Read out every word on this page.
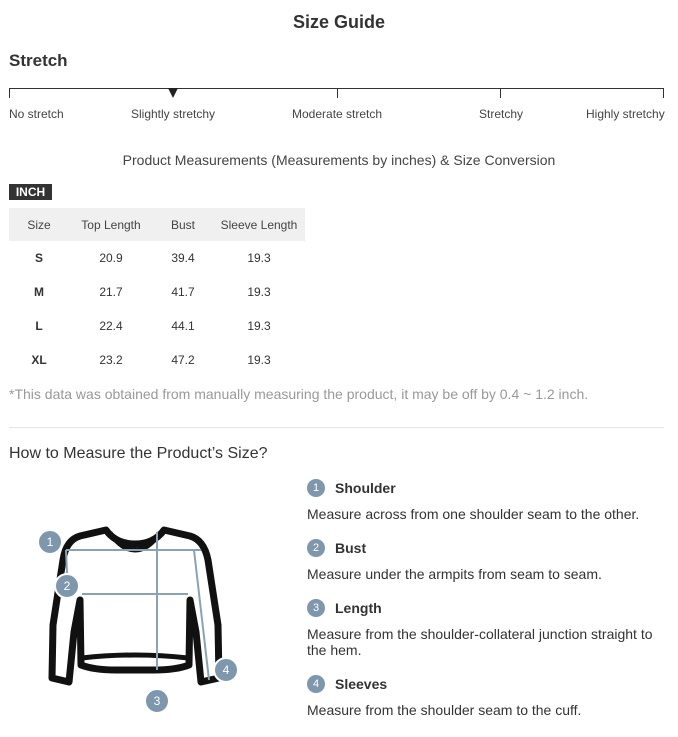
Size Guide
Stretch
No stretch	Slightly stretchy	Moderate stretch	Stretchy	Highly stretchy
Product Measurements (Measurements by inches) & Size Conversion
INCH
Size	Top Length	Bust	Sleeve Length
S	20.9	39.4	19.3
M	21.7	41.7	19.3
L	22.4	44.1	19.3
XL	23.2	47.2	19.3
*This data was obtained from manually measuring the product, it may be off by 0.4 ~ 1.2 inch.
How to Measure the Product’s Size?
1
2
3
4
1	Shoulder
Measure across from one shoulder seam to the other.
2	Bust
Measure under the armpits from seam to seam.
3	Length
Measure from the shoulder-collateral junction straight to the hem.
4	Sleeves
Measure from the shoulder seam to the cuff.
